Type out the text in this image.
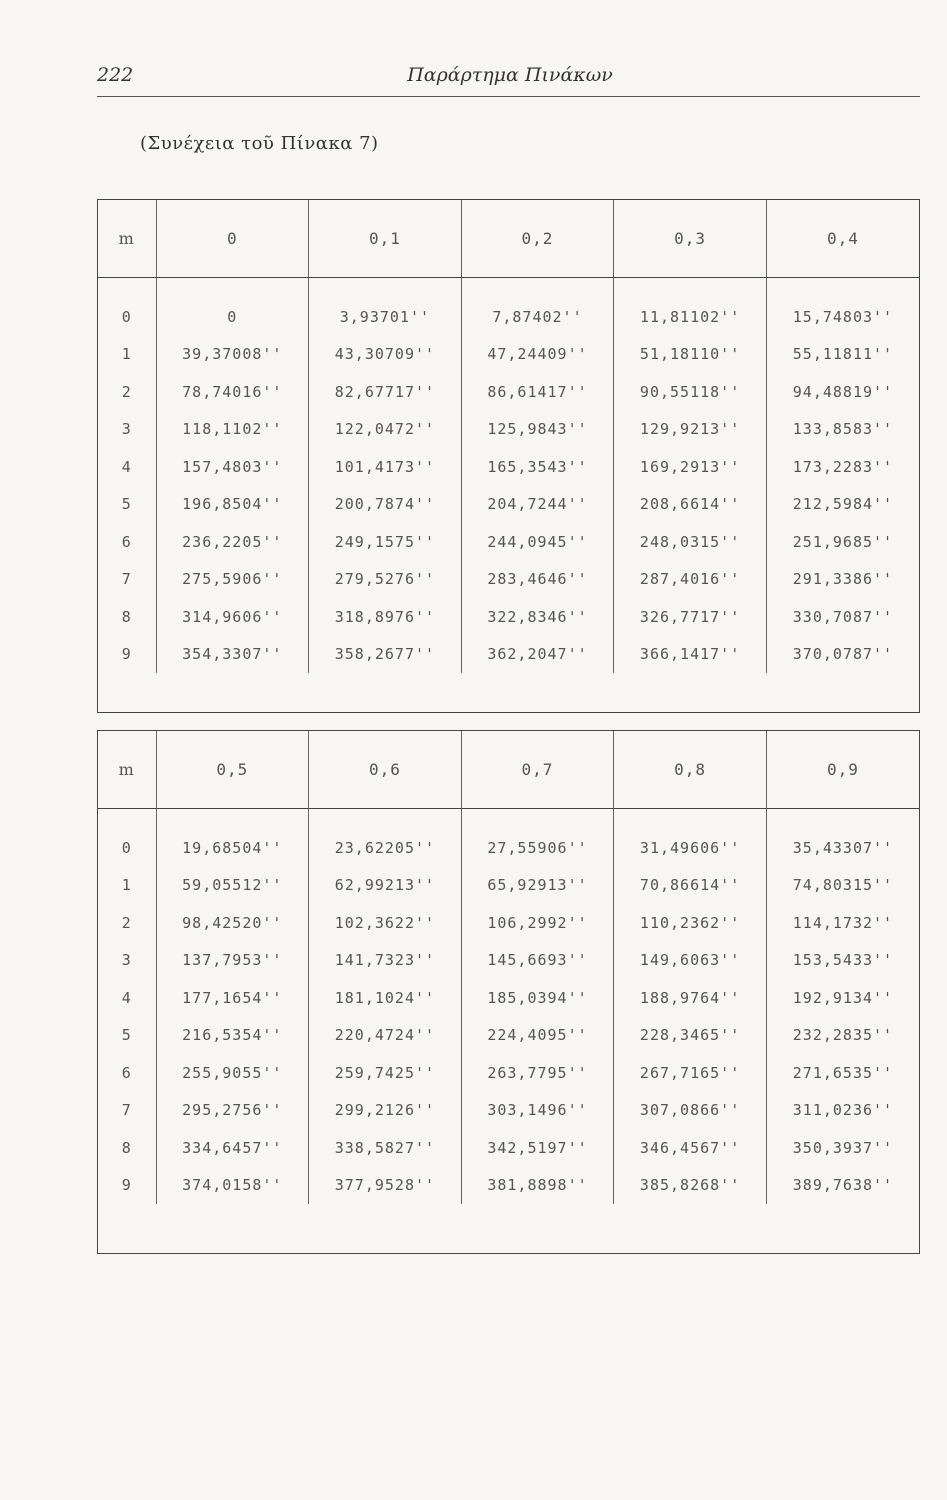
222	Παράρτημα Πινάκων
(Συνέχεια τοῦ Πίνακα 7)
m	0	0,1	0,2	0,3	0,4
0	0	3,93701''	7,87402''	11,81102''	15,74803''
1	39,37008''	43,30709''	47,24409''	51,18110''	55,11811''
2	78,74016''	82,67717''	86,61417''	90,55118''	94,48819''
3	118,1102''	122,0472''	125,9843''	129,9213''	133,8583''
4	157,4803''	101,4173''	165,3543''	169,2913''	173,2283''
5	196,8504''	200,7874''	204,7244''	208,6614''	212,5984''
6	236,2205''	249,1575''	244,0945''	248,0315''	251,9685''
7	275,5906''	279,5276''	283,4646''	287,4016''	291,3386''
8	314,9606''	318,8976''	322,8346''	326,7717''	330,7087''
9	354,3307''	358,2677''	362,2047''	366,1417''	370,0787''
m	0,5	0,6	0,7	0,8	0,9
0	19,68504''	23,62205''	27,55906''	31,49606''	35,43307''
1	59,05512''	62,99213''	65,92913''	70,86614''	74,80315''
2	98,42520''	102,3622''	106,2992''	110,2362''	114,1732''
3	137,7953''	141,7323''	145,6693''	149,6063''	153,5433''
4	177,1654''	181,1024''	185,0394''	188,9764''	192,9134''
5	216,5354''	220,4724''	224,4095''	228,3465''	232,2835''
6	255,9055''	259,7425''	263,7795''	267,7165''	271,6535''
7	295,2756''	299,2126''	303,1496''	307,0866''	311,0236''
8	334,6457''	338,5827''	342,5197''	346,4567''	350,3937''
9	374,0158''	377,9528''	381,8898''	385,8268''	389,7638''
